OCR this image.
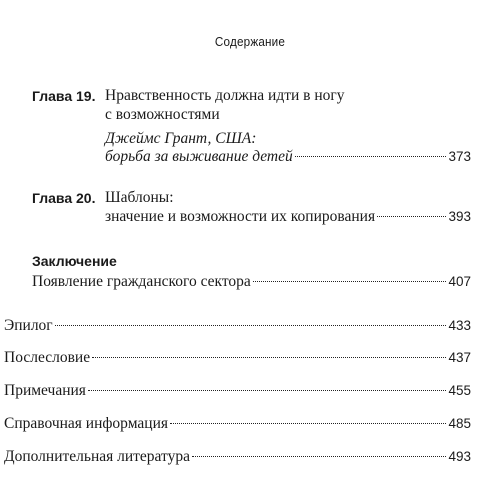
Содержание
Глава 19. Нравственность должна идти в ногу
с возможностями
Джеймс Грант, США:
борьба за выживание детей	373
Глава 20. Шаблоны:
значение и возможности их копирования	393
Заключение
Появление гражданского сектора	407
Эпилог	433
Послесловие	437
Примечания	455
Справочная информация	485
Дополнительная литература	493
